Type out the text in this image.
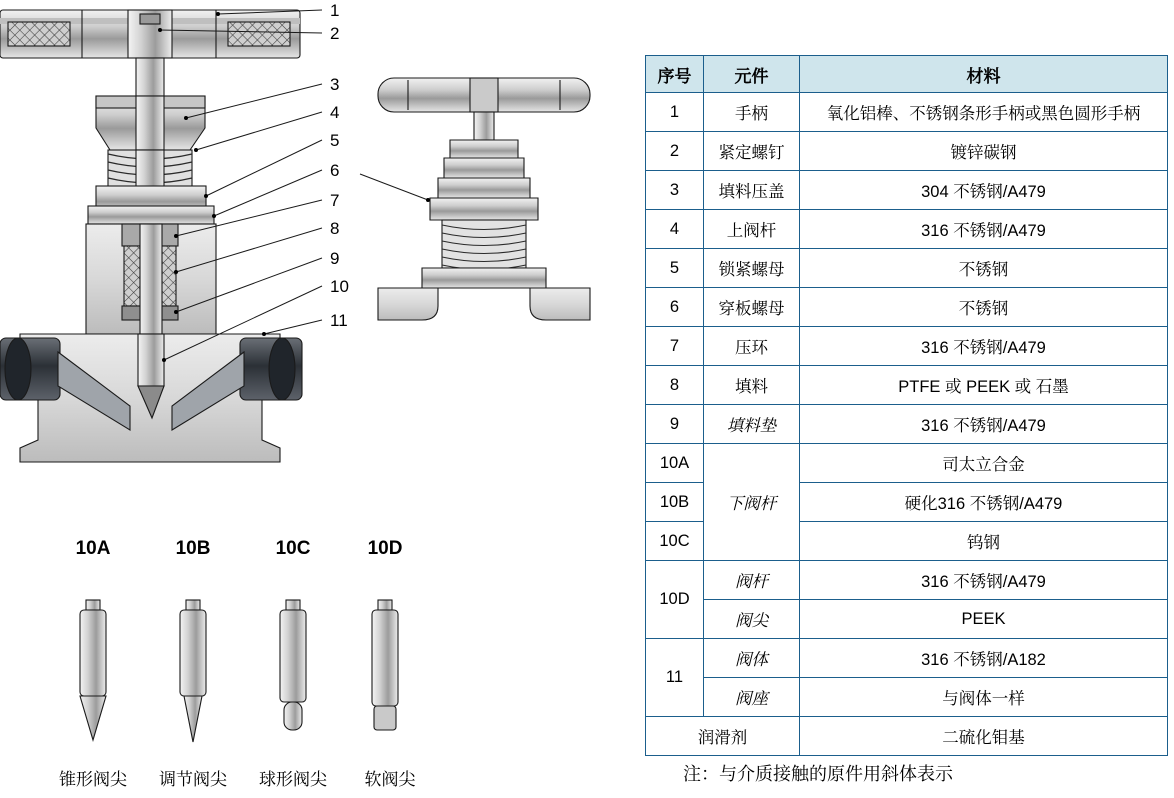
1
2
3
4
5
6
7
8
9
10
11
10A	10B	10C	10D
锥形阀尖	调节阀尖	球形阀尖	软阀尖
序号	元件	材料
1	手柄	氧化铝棒、不锈钢条形手柄或黑色圆形手柄
2	紧定螺钉	镀锌碳钢
3	填料压盖	304 不锈钢/A479
4	上阀杆	316 不锈钢/A479
5	锁紧螺母	不锈钢
6	穿板螺母	不锈钢
7	压环	316 不锈钢/A479
8	填料	PTFE 或 PEEK 或 石墨
9	填料垫	316 不锈钢/A479
10A	下阀杆	司太立合金
10B		硬化316 不锈钢/A479
10C		钨钢
10D	阀杆	316 不锈钢/A479
	阀尖	PEEK
11	阀体	316 不锈钢/A182
	阀座	与阀体一样
润滑剂		二硫化钼基
注：与介质接触的原件用斜体表示
